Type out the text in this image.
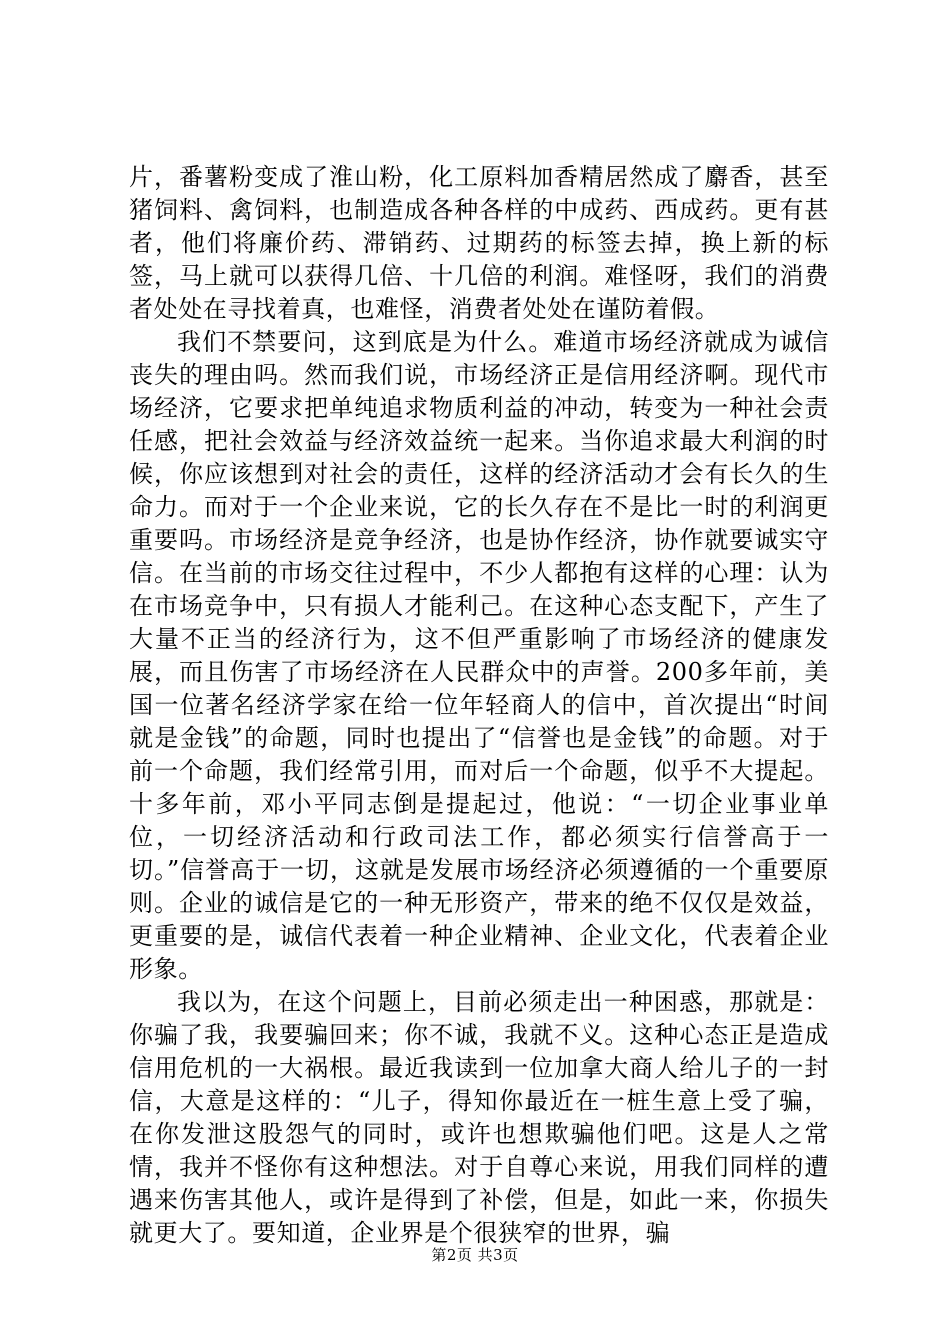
片，番薯粉变成了淮山粉，化工原料加香精居然成了麝香，甚至猪饲料、禽饲料，也制造成各种各样的中成药、西成药。更有甚者，他们将廉价药、滞销药、过期药的标签去掉，换上新的标签，马上就可以获得几倍、十几倍的利润。难怪呀，我们的消费者处处在寻找着真，也难怪，消费者处处在谨防着假。

我们不禁要问，这到底是为什么。难道市场经济就成为诚信丧失的理由吗。然而我们说，市场经济正是信用经济啊。现代市场经济，它要求把单纯追求物质利益的冲动，转变为一种社会责任感，把社会效益与经济效益统一起来。当你追求最大利润的时候，你应该想到对社会的责任，这样的经济活动才会有长久的生命力。而对于一个企业来说，它的长久存在不是比一时的利润更重要吗。市场经济是竞争经济，也是协作经济，协作就要诚实守信。在当前的市场交往过程中，不少人都抱有这样的心理：认为在市场竞争中，只有损人才能利己。在这种心态支配下，产生了大量不正当的经济行为，这不但严重影响了市场经济的健康发展，而且伤害了市场经济在人民群众中的声誉。200多年前，美国一位著名经济学家在给一位年轻商人的信中，首次提出“时间就是金钱”的命题，同时也提出了“信誉也是金钱”的命题。对于前一个命题，我们经常引用，而对后一个命题，似乎不大提起。十多年前，邓小平同志倒是提起过，他说：“一切企业事业单位，一切经济活动和行政司法工作，都必须实行信誉高于一切。”信誉高于一切，这就是发展市场经济必须遵循的一个重要原则。企业的诚信是它的一种无形资产，带来的绝不仅仅是效益，更重要的是，诚信代表着一种企业精神、企业文化，代表着企业形象。

我以为，在这个问题上，目前必须走出一种困惑，那就是：你骗了我，我要骗回来；你不诚，我就不义。这种心态正是造成信用危机的一大祸根。最近我读到一位加拿大商人给儿子的一封信，大意是这样的：“儿子，得知你最近在一桩生意上受了骗，在你发泄这股怨气的同时，或许也想欺骗他们吧。这是人之常情，我并不怪你有这种想法。对于自尊心来说，用我们同样的遭遇来伤害其他人，或许是得到了补偿，但是，如此一来，你损失就更大了。要知道，企业界是个很狭窄的世界，骗

第2页 共3页
